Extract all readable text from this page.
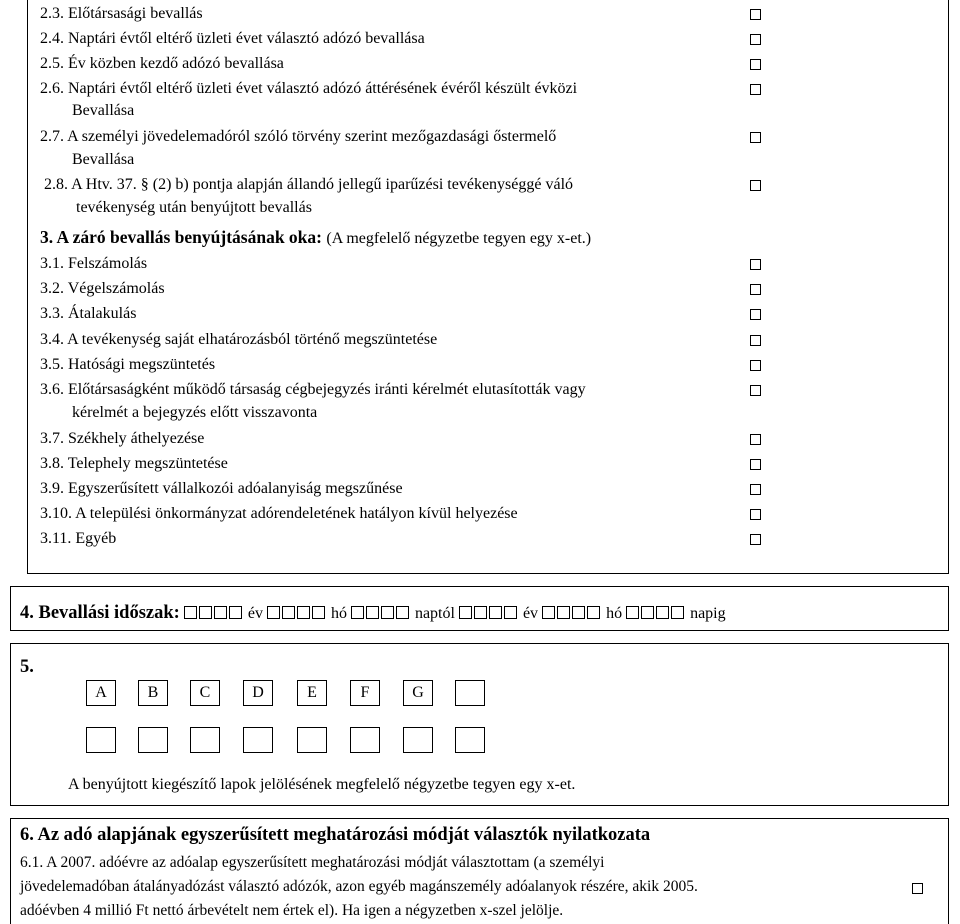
2.3. Előtársasági bevallás
2.4. Naptári évtől eltérő üzleti évet választó adózó bevallása
2.5. Év közben kezdő adózó bevallása
2.6. Naptári évtől eltérő üzleti évet választó adózó áttérésének évéről készült évközi
Bevallása
2.7. A személyi jövedelemadóról szóló törvény szerint mezőgazdasági őstermelő
Bevallása
2.8. A Htv. 37. § (2) b) pontja alapján állandó jellegű iparűzési tevékenységgé váló
tevékenység után benyújtott bevallás
3. A záró bevallás benyújtásának oka: (A megfelelő négyzetbe tegyen egy x-et.)
3.1. Felszámolás
3.2. Végelszámolás
3.3. Átalakulás
3.4. A tevékenység saját elhatározásból történő megszüntetése
3.5. Hatósági megszüntetés
3.6. Előtársaságként működő társaság cégbejegyzés iránti kérelmét elutasították vagy
kérelmét a bejegyzés előtt visszavonta
3.7. Székhely áthelyezése
3.8. Telephely megszüntetése
3.9. Egyszerűsített vállalkozói adóalanyiság megszűnése
3.10. A települési önkormányzat adórendeletének hatályon kívül helyezése
3.11. Egyéb
4. Bevallási időszak:	év	hó	naptól	év	hó	napig
5.
A	B	C	D	E	F	G
A benyújtott kiegészítő lapok jelölésének megfelelő négyzetbe tegyen egy x-et.
6. Az adó alapjának egyszerűsített meghatározási módját választók nyilatkozata
6.1. A 2007. adóévre az adóalap egyszerűsített meghatározási módját választottam (a személyi
jövedelemadóban átalányadózást választó adózók, azon egyéb magánszemély adóalanyok részére, akik 2005.
adóévben 4 millió Ft nettó árbevételt nem értek el). Ha igen a négyzetben x-szel jelölje.
